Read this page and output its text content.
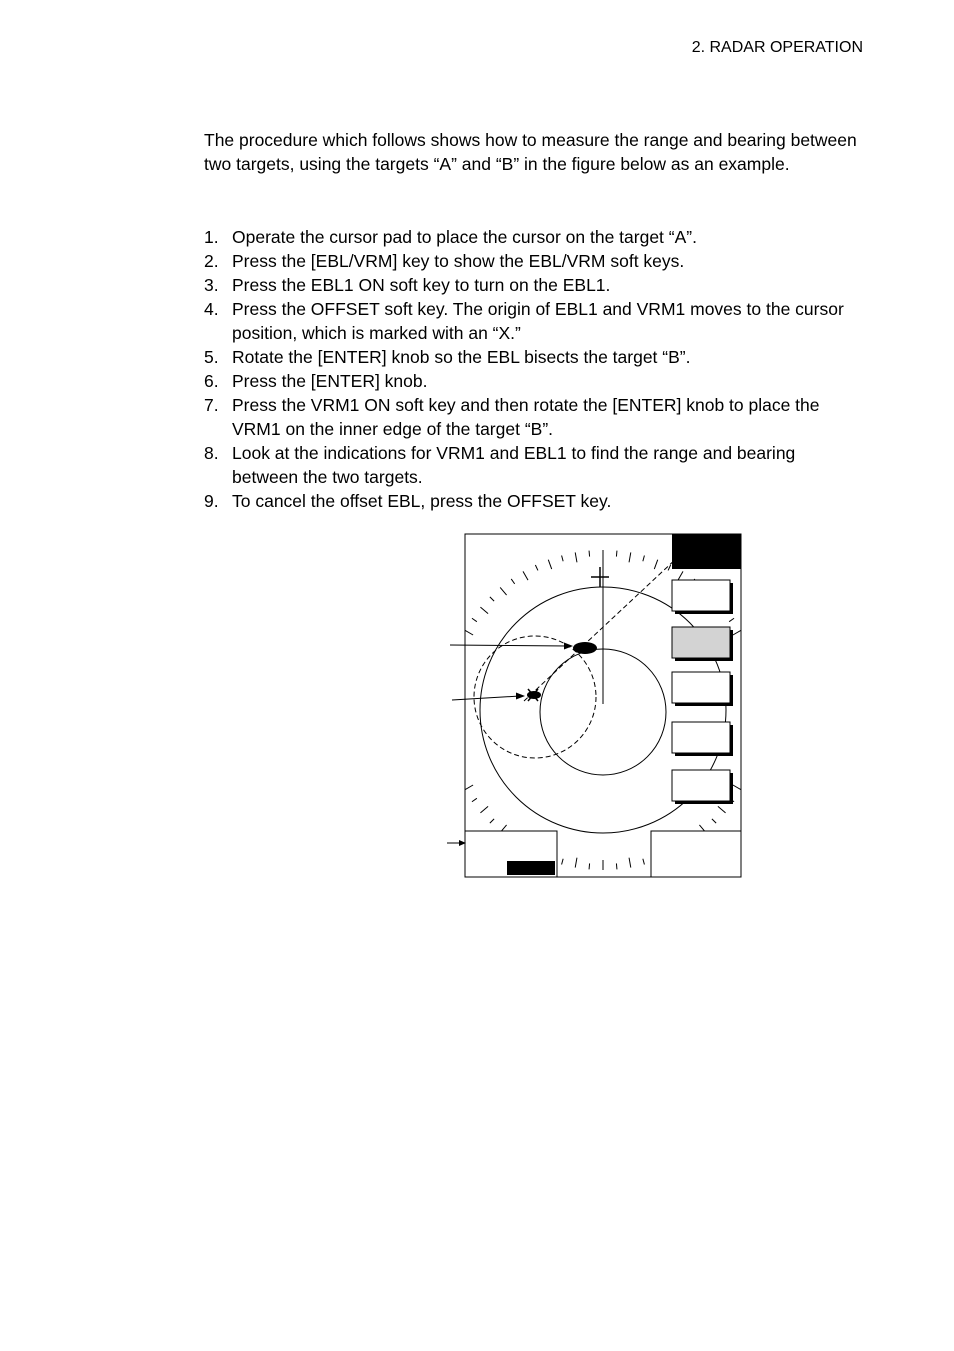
2. RADAR OPERATION

The procedure which follows shows how to measure the range and bearing between two targets, using the targets “A” and “B” in the figure below as an example.

1. Operate the cursor pad to place the cursor on the target “A”.
2. Press the [EBL/VRM] key to show the EBL/VRM soft keys.
3. Press the EBL1 ON soft key to turn on the EBL1.
4. Press the OFFSET soft key. The origin of EBL1 and VRM1 moves to the cursor position, which is marked with an “X.”
5. Rotate the [ENTER] knob so the EBL bisects the target “B”.
6. Press the [ENTER] knob.
7. Press the VRM1 ON soft key and then rotate the [ENTER] knob to place the VRM1 on the inner edge of the target “B”.
8. Look at the indications for VRM1 and EBL1 to find the range and bearing between the two targets.
9. To cancel the offset EBL, press the OFFSET key.
